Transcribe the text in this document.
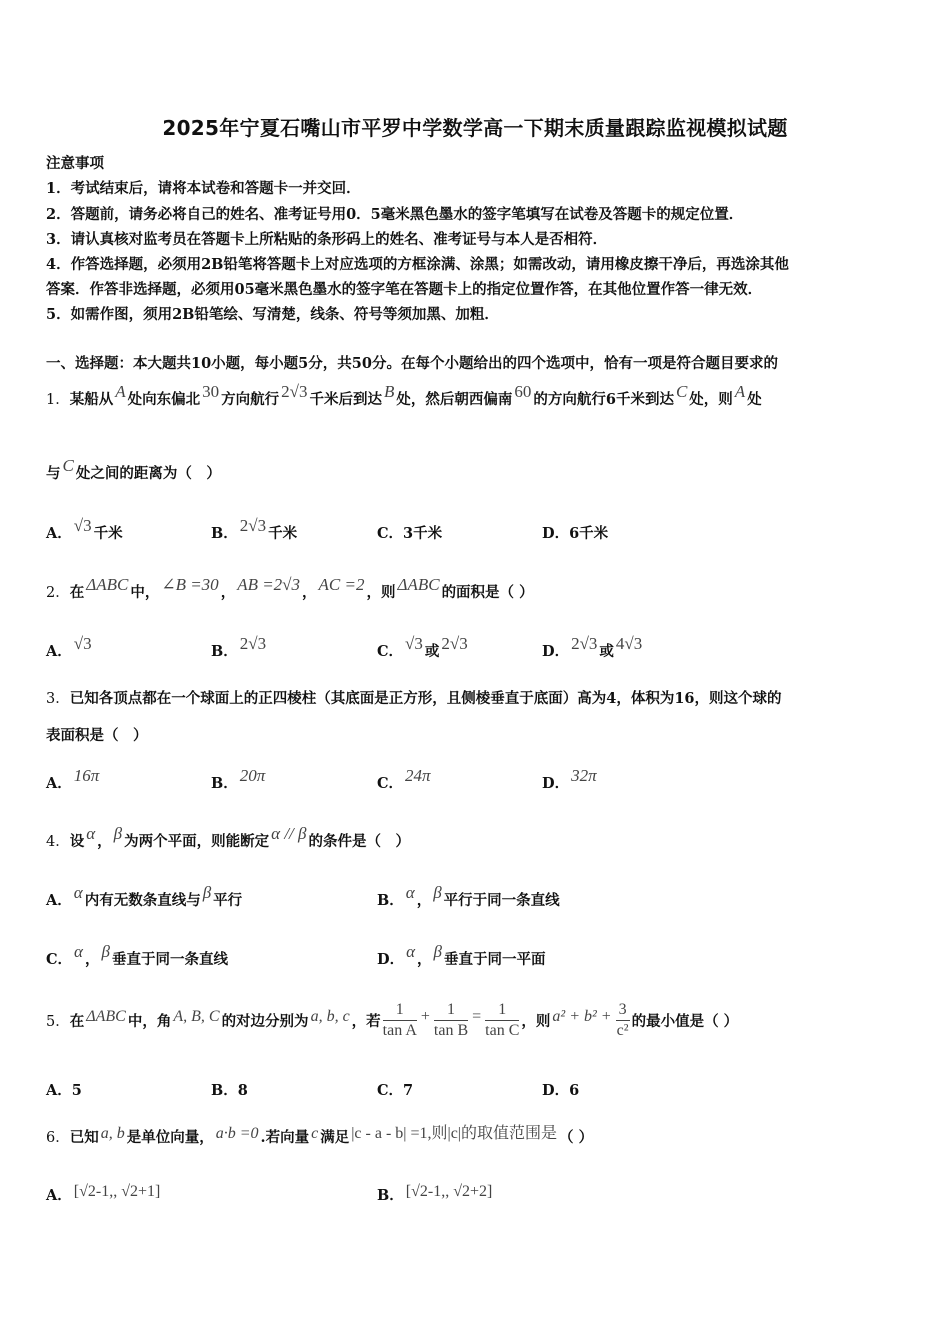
2025年宁夏石嘴山市平罗中学数学高一下期末质量跟踪监视模拟试题
注意事项
1．考试结束后，请将本试卷和答题卡一并交回．
2．答题前，请务必将自己的姓名、准考证号用0．5毫米黑色墨水的签字笔填写在试卷及答题卡的规定位置．
3．请认真核对监考员在答题卡上所粘贴的条形码上的姓名、准考证号与本人是否相符．
4．作答选择题，必须用2B铅笔将答题卡上对应选项的方框涂满、涂黑；如需改动，请用橡皮擦干净后，再选涂其他
答案．作答非选择题，必须用05毫米黑色墨水的签字笔在答题卡上的指定位置作答，在其他位置作答一律无效．
5．如需作图，须用2B铅笔绘、写清楚，线条、符号等须加黑、加粗．
一、选择题：本大题共10小题，每小题5分，共50分。在每个小题给出的四个选项中，恰有一项是符合题目要求的
1．某船从 A 处向东偏北 30 方向航行 2√3 千米后到达 B 处，然后朝西偏南 60 的方向航行6千米到达 C 处，则 A 处
与 C 处之间的距离为（　）
A． √3 千米	B． 2√3 千米	C．3千米	D．6千米
2．在 ΔABC 中， ∠B =30 ， AB =2√3 ， AC =2 ，则 ΔABC 的面积是（ ）
A． √3	B． 2√3	C． √3 或 2√3	D． 2√3 或 4√3
3．已知各顶点都在一个球面上的正四棱柱（其底面是正方形，且侧棱垂直于底面）高为4，体积为16，则这个球的
表面积是（　）
A． 16π	B． 20π	C． 24π	D． 32π
4．设 α ， β 为两个平面，则能断定 α // β 的条件是（　）
A． α 内有无数条直线与 β 平行	B． α ， β 平行于同一条直线
C． α ， β 垂直于同一条直线	D． α ， β 垂直于同一平面
5． 在 ΔABC 中，角 A, B, C 的对边分别为 a, b, c ，若 $\frac{1}{\text{tan A}} + \frac{1}{\text{tan B}} = \frac{1}{\text{tan C}}$ ，则 $a^2 + b^2 + \frac{3}{\text{c²}}$ 的最小值是（ ）
A．5	B．8	C．7	D．6
6．已知 a, b 是单位向量， a·b =0 .若向量 c 满足 |c - a - b| =1,则|c|的取值范围是 （ ）
A． [√2-1,, √2+1]	B． [√2-1,, √2+2]
